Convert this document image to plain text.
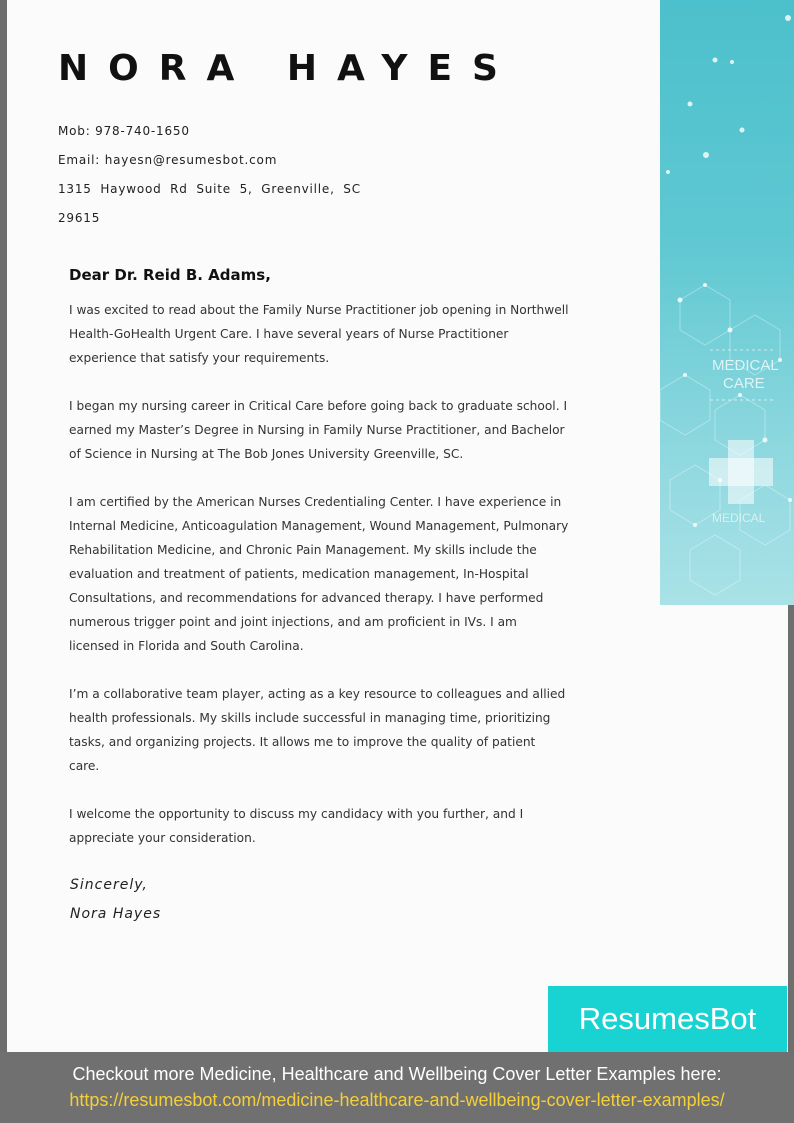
MEDICAL
CARE
MEDICAL
NORA HAYES
Mob: 978-740-1650
Email: hayesn@resumesbot.com
1315 Haywood Rd Suite 5, Greenville, SC
29615
Dear Dr. Reid B. Adams,
I was excited to read about the Family Nurse Practitioner job opening in Northwell Health-GoHealth Urgent Care. I have several years of Nurse Practitioner experience that satisfy your requirements.
I began my nursing career in Critical Care before going back to graduate school. I earned my Master’s Degree in Nursing in Family Nurse Practitioner, and Bachelor of Science in Nursing at The Bob Jones University Greenville, SC.
I am certified by the American Nurses Credentialing Center. I have experience in Internal Medicine, Anticoagulation Management, Wound Management, Pulmonary Rehabilitation Medicine, and Chronic Pain Management. My skills include the evaluation and treatment of patients, medication management, In-Hospital Consultations, and recommendations for advanced therapy. I have performed numerous trigger point and joint injections, and am proficient in IVs. I am licensed in Florida and South Carolina.
I’m a collaborative team player, acting as a key resource to colleagues and allied health professionals. My skills include successful in managing time, prioritizing tasks, and organizing projects. It allows me to improve the quality of patient care.
I welcome the opportunity to discuss my candidacy with you further, and I appreciate your consideration.
Sincerely,
Nora Hayes
ResumesBot
Checkout more Medicine, Healthcare and Wellbeing Cover Letter Examples here:
https://resumesbot.com/medicine-healthcare-and-wellbeing-cover-letter-examples/
